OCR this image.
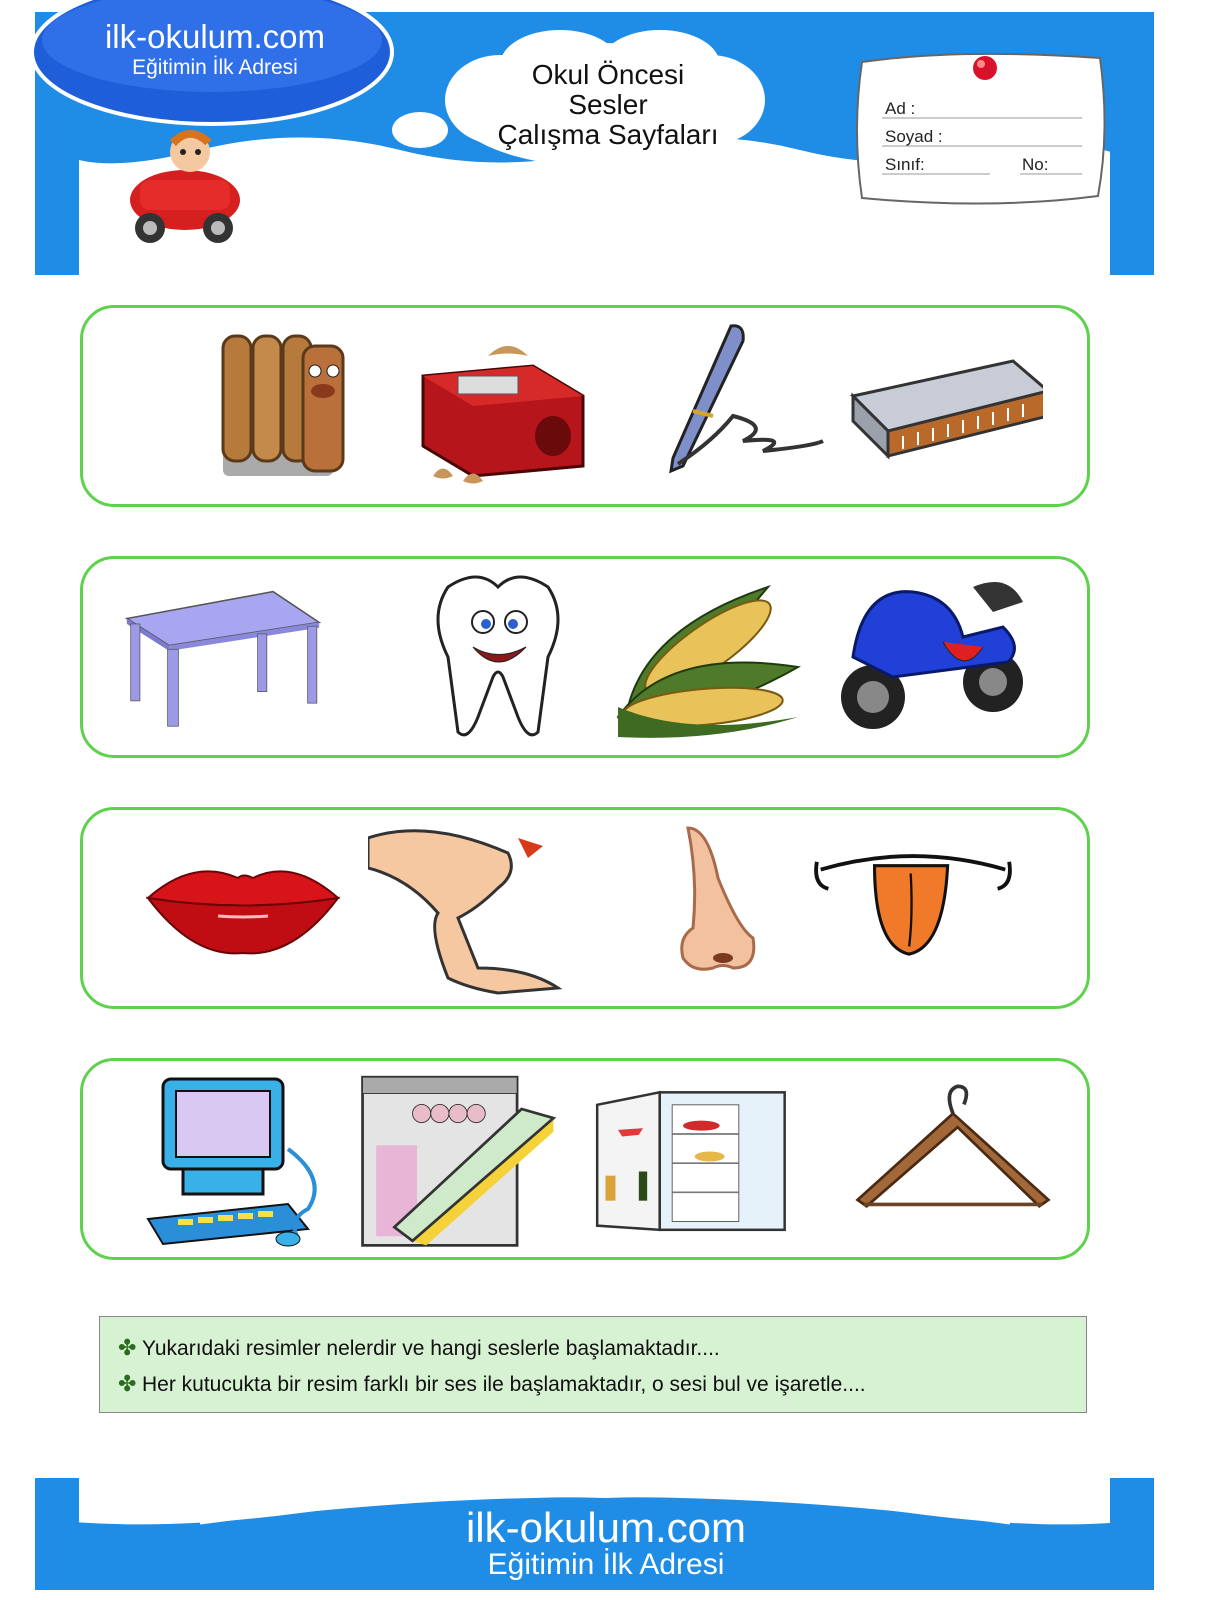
ilk-okulum.com
Eğitimin İlk Adresi	Okul Öncesi
Sesler
Çalışma Sayfaları
Ad :
Soyad :
Sınıf:	No:
✤ Yukarıdaki resimler nelerdir ve hangi seslerle başlamaktadır....
✤ Her kutucukta bir resim farklı bir ses ile başlamaktadır, o sesi bul ve işaretle....
ilk-okulum.com
Eğitimin İlk Adresi
